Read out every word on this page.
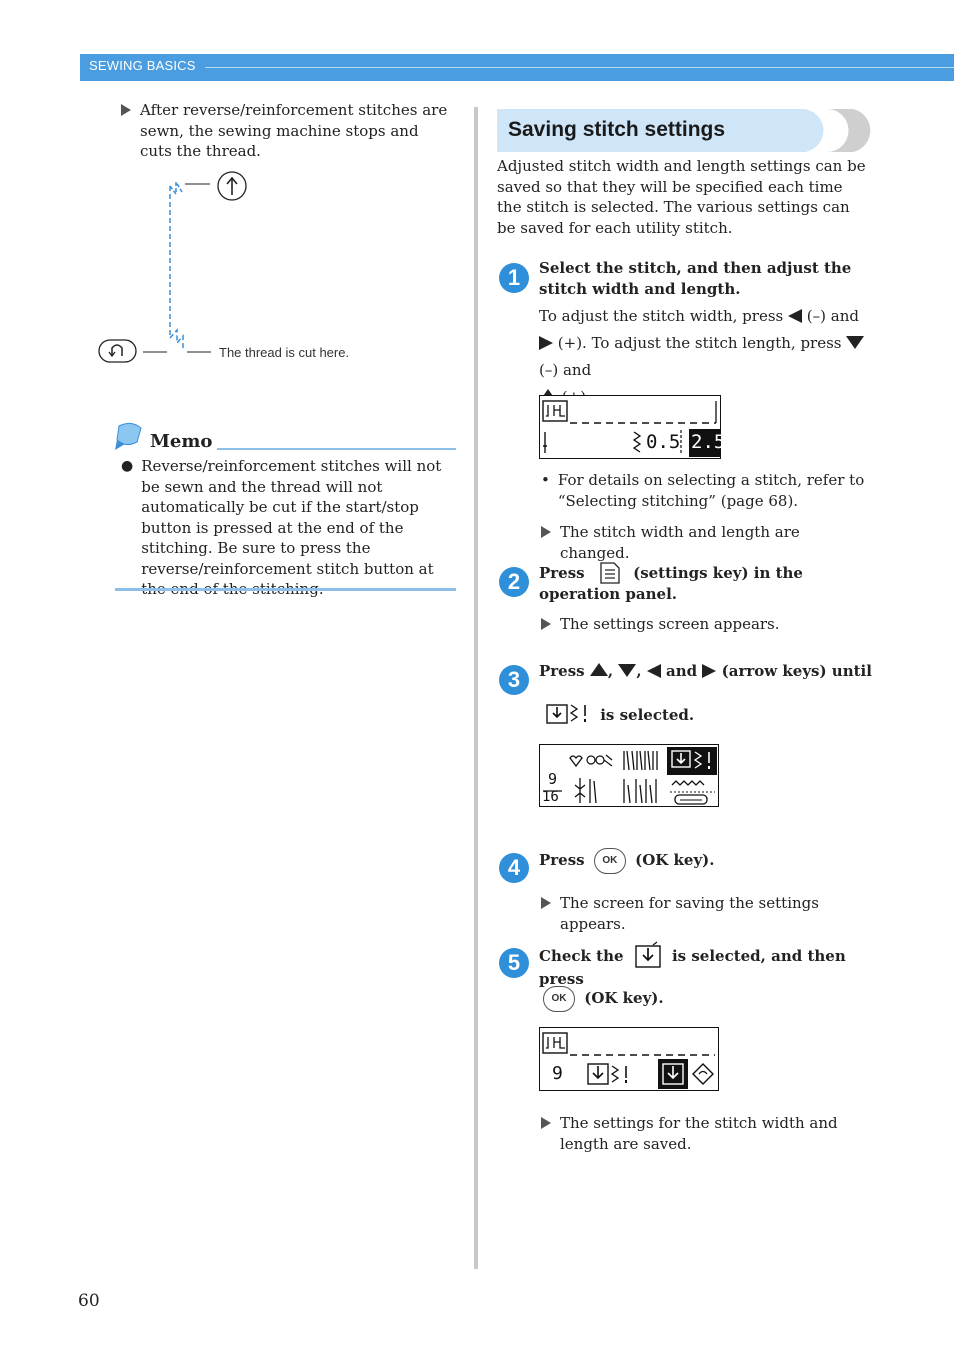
SEWING BASICS
After reverse/reinforcement stitches are sewn, the sewing machine stops and cuts the thread.
The thread is cut here.
Memo
● Reverse/reinforcement stitches will not be sewn and the thread will not automatically be cut if the start/stop button is pressed at the end of the stitching. Be sure to press the reverse/reinforcement stitch button at the end of the stitching.
Saving stitch settings
Adjusted stitch width and length settings can be saved so that they will be specified each time the stitch is selected. The various settings can be saved for each utility stitch.
1	Select the stitch, and then adjust the stitch width and length.
To adjust the stitch width, press (–) and  (+). To adjust the stitch length, press  (–) and

0.5 2.5
• For details on selecting a stitch, refer to “Selecting stitching” (page 68).
The stitch width and length are changed.
2	Press	(settings key) in the operation panel.
The settings screen appears.
3	Press , , and (arrow keys) until
is selected.
9
16
4	Press OK (OK key).
The screen for saving the settings appears.
5	Check the	is selected, and then press
OK (OK key).
9
The settings for the stitch width and length are saved.
60
